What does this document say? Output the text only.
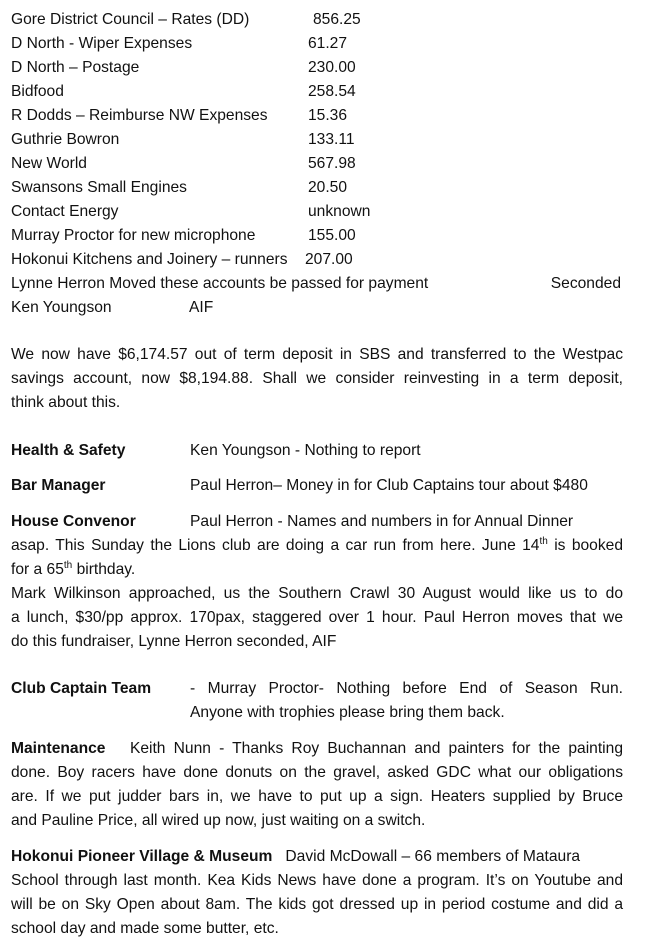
Gore District Council – Rates (DD)	856.25
D North - Wiper Expenses	61.27
D North – Postage	230.00
Bidfood	258.54
R Dodds – Reimburse NW Expenses	15.36
Guthrie Bowron	133.11
New World	567.98
Swansons Small Engines	20.50
Contact Energy	unknown
Murray Proctor for new microphone	155.00
Hokonui Kitchens and Joinery – runners 207.00
Lynne Herron Moved these accounts be passed for payment	Seconded
Ken Youngson	AIF
We now have $6,174.57 out of term deposit in SBS and transferred to the Westpac
savings account, now $8,194.88. Shall we consider reinvesting in a term deposit,
think about this.
Health & Safety	Ken Youngson - Nothing to report
Bar Manager	Paul Herron– Money in for Club Captains tour about $480
House Convenor	Paul Herron - Names and numbers in for Annual Dinner
asap. This Sunday the Lions club are doing a car run from here. June 14th is booked
for a 65th birthday.
Mark Wilkinson approached, us the Southern Crawl 30 August would like us to do
a lunch, $30/pp approx. 170pax, staggered over 1 hour. Paul Herron moves that we
do this fundraiser, Lynne Herron seconded, AIF
Club Captain Team - Murray Proctor- Nothing before End of Season Run.
Anyone with trophies please bring them back.
Maintenance Keith Nunn - Thanks Roy Buchannan and painters for the painting
done. Boy racers have done donuts on the gravel, asked GDC what our obligations
are. If we put judder bars in, we have to put up a sign. Heaters supplied by Bruce
and Pauline Price, all wired up now, just waiting on a switch.
Hokonui Pioneer Village & Museum David McDowall – 66 members of Mataura
School through last month. Kea Kids News have done a program. It’s on Youtube and
will be on Sky Open about 8am. The kids got dressed up in period costume and did a
school day and made some butter, etc.
